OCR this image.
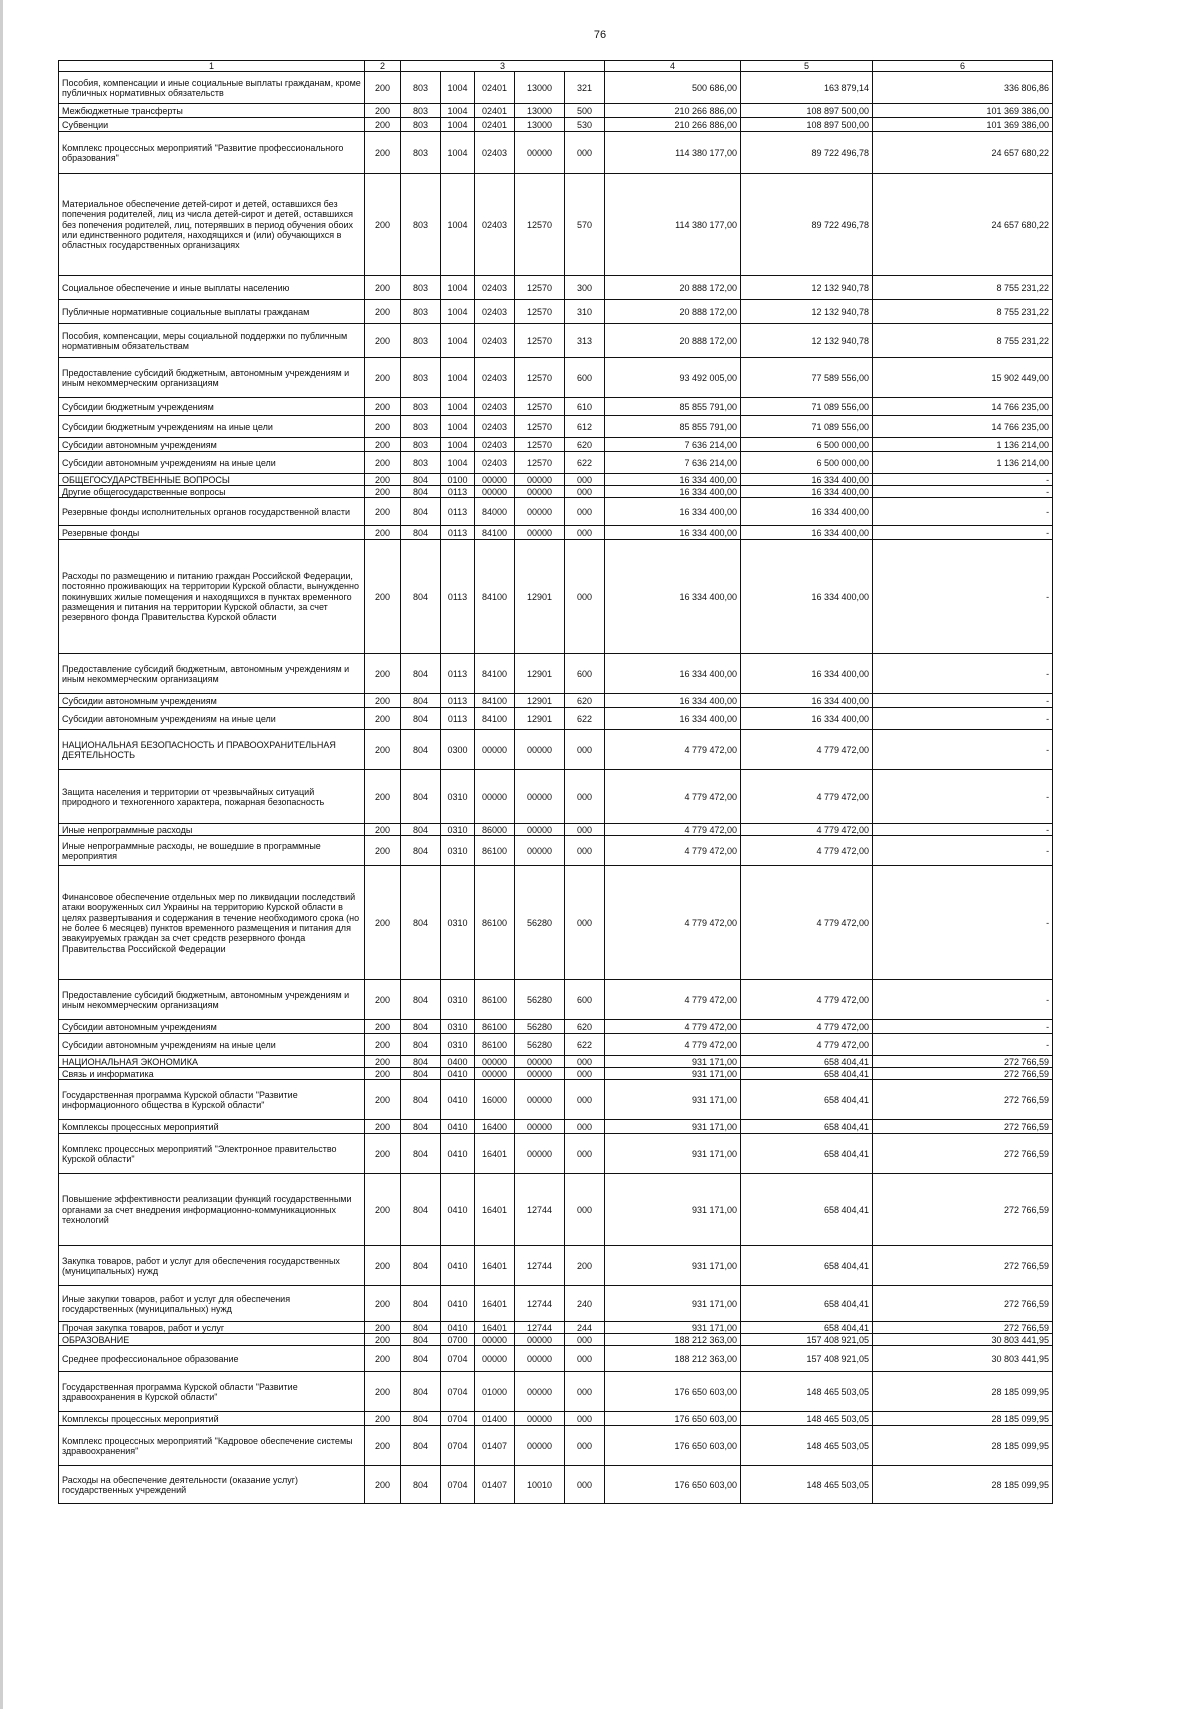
76
1	2	3					4	5	6
Пособия, компенсации и иные социальные выплаты гражданам, кроме публичных нормативных обязательств	200	803	1004	02401	13000	321	500 686,00	163 879,14	336 806,86
Межбюджетные трансферты	200	803	1004	02401	13000	500	210 266 886,00	108 897 500,00	101 369 386,00
Субвенции	200	803	1004	02401	13000	530	210 266 886,00	108 897 500,00	101 369 386,00
Комплекс процессных мероприятий "Развитие профессионального образования"	200	803	1004	02403	00000	000	114 380 177,00	89 722 496,78	24 657 680,22
Материальное обеспечение детей-сирот и детей, оставшихся без попечения родителей, лиц из числа детей-сирот и детей, оставшихся без попечения родителей, лиц, потерявших в период обучения обоих или единственного родителя, находящихся и (или) обучающихся в областных государственных организациях	200	803	1004	02403	12570	570	114 380 177,00	89 722 496,78	24 657 680,22
Социальное обеспечение и иные выплаты населению	200	803	1004	02403	12570	300	20 888 172,00	12 132 940,78	8 755 231,22
Публичные нормативные социальные выплаты гражданам	200	803	1004	02403	12570	310	20 888 172,00	12 132 940,78	8 755 231,22
Пособия, компенсации, меры социальной поддержки по публичным нормативным обязательствам	200	803	1004	02403	12570	313	20 888 172,00	12 132 940,78	8 755 231,22
Предоставление субсидий бюджетным, автономным учреждениям и иным некоммерческим организациям	200	803	1004	02403	12570	600	93 492 005,00	77 589 556,00	15 902 449,00
Субсидии бюджетным учреждениям	200	803	1004	02403	12570	610	85 855 791,00	71 089 556,00	14 766 235,00
Субсидии бюджетным учреждениям на иные цели	200	803	1004	02403	12570	612	85 855 791,00	71 089 556,00	14 766 235,00
Субсидии автономным учреждениям	200	803	1004	02403	12570	620	7 636 214,00	6 500 000,00	1 136 214,00
Субсидии автономным учреждениям на иные цели	200	803	1004	02403	12570	622	7 636 214,00	6 500 000,00	1 136 214,00
ОБЩЕГОСУДАРСТВЕННЫЕ ВОПРОСЫ	200	804	0100	00000	00000	000	16 334 400,00	16 334 400,00	-
Другие общегосударственные вопросы	200	804	0113	00000	00000	000	16 334 400,00	16 334 400,00	-
Резервные фонды исполнительных органов государственной власти	200	804	0113	84000	00000	000	16 334 400,00	16 334 400,00	-
Резервные фонды	200	804	0113	84100	00000	000	16 334 400,00	16 334 400,00	-
Расходы по размещению и питанию граждан Российской Федерации, постоянно проживающих на территории Курской области, вынужденно покинувших жилые помещения и находящихся в пунктах временного размещения и питания на территории Курской области, за счет резервного фонда Правительства Курской области	200	804	0113	84100	12901	000	16 334 400,00	16 334 400,00	-
Предоставление субсидий бюджетным, автономным учреждениям и иным некоммерческим организациям	200	804	0113	84100	12901	600	16 334 400,00	16 334 400,00	-
Субсидии автономным учреждениям	200	804	0113	84100	12901	620	16 334 400,00	16 334 400,00	-
Субсидии автономным учреждениям на иные цели	200	804	0113	84100	12901	622	16 334 400,00	16 334 400,00	-
НАЦИОНАЛЬНАЯ БЕЗОПАСНОСТЬ И ПРАВООХРАНИТЕЛЬНАЯ ДЕЯТЕЛЬНОСТЬ	200	804	0300	00000	00000	000	4 779 472,00	4 779 472,00	-
Защита населения и территории от чрезвычайных ситуаций природного и техногенного характера, пожарная безопасность	200	804	0310	00000	00000	000	4 779 472,00	4 779 472,00	-
Иные непрограммные расходы	200	804	0310	86000	00000	000	4 779 472,00	4 779 472,00	-
Иные непрограммные расходы, не вошедшие в программные мероприятия	200	804	0310	86100	00000	000	4 779 472,00	4 779 472,00	-
Финансовое обеспечение отдельных мер по ликвидации последствий атаки вооруженных сил Украины на территорию Курской области в целях развертывания и содержания в течение необходимого срока (но не более 6 месяцев) пунктов временного размещения и питания для эвакуируемых граждан за счет средств резервного фонда Правительства Российской Федерации	200	804	0310	86100	56280	000	4 779 472,00	4 779 472,00	-
Предоставление субсидий бюджетным, автономным учреждениям и иным некоммерческим организациям	200	804	0310	86100	56280	600	4 779 472,00	4 779 472,00	-
Субсидии автономным учреждениям	200	804	0310	86100	56280	620	4 779 472,00	4 779 472,00	-
Субсидии автономным учреждениям на иные цели	200	804	0310	86100	56280	622	4 779 472,00	4 779 472,00	-
НАЦИОНАЛЬНАЯ ЭКОНОМИКА	200	804	0400	00000	00000	000	931 171,00	658 404,41	272 766,59
Связь и информатика	200	804	0410	00000	00000	000	931 171,00	658 404,41	272 766,59
Государственная программа Курской области "Развитие информационного общества в Курской области"	200	804	0410	16000	00000	000	931 171,00	658 404,41	272 766,59
Комплексы процессных мероприятий	200	804	0410	16400	00000	000	931 171,00	658 404,41	272 766,59
Комплекс процессных мероприятий "Электронное правительство Курской области"	200	804	0410	16401	00000	000	931 171,00	658 404,41	272 766,59
Повышение эффективности реализации функций государственными органами за счет внедрения информационно-коммуникационных технологий	200	804	0410	16401	12744	000	931 171,00	658 404,41	272 766,59
Закупка товаров, работ и услуг для обеспечения государственных (муниципальных) нужд	200	804	0410	16401	12744	200	931 171,00	658 404,41	272 766,59
Иные закупки товаров, работ и услуг для обеспечения государственных (муниципальных) нужд	200	804	0410	16401	12744	240	931 171,00	658 404,41	272 766,59
Прочая закупка товаров, работ и услуг	200	804	0410	16401	12744	244	931 171,00	658 404,41	272 766,59
ОБРАЗОВАНИЕ	200	804	0700	00000	00000	000	188 212 363,00	157 408 921,05	30 803 441,95
Среднее профессиональное образование	200	804	0704	00000	00000	000	188 212 363,00	157 408 921,05	30 803 441,95
Государственная программа Курской области "Развитие здравоохранения в Курской области"	200	804	0704	01000	00000	000	176 650 603,00	148 465 503,05	28 185 099,95
Комплексы процессных мероприятий	200	804	0704	01400	00000	000	176 650 603,00	148 465 503,05	28 185 099,95
Комплекс процессных мероприятий "Кадровое обеспечение системы здравоохранения"	200	804	0704	01407	00000	000	176 650 603,00	148 465 503,05	28 185 099,95
Расходы на обеспечение деятельности (оказание услуг) государственных учреждений	200	804	0704	01407	10010	000	176 650 603,00	148 465 503,05	28 185 099,95
